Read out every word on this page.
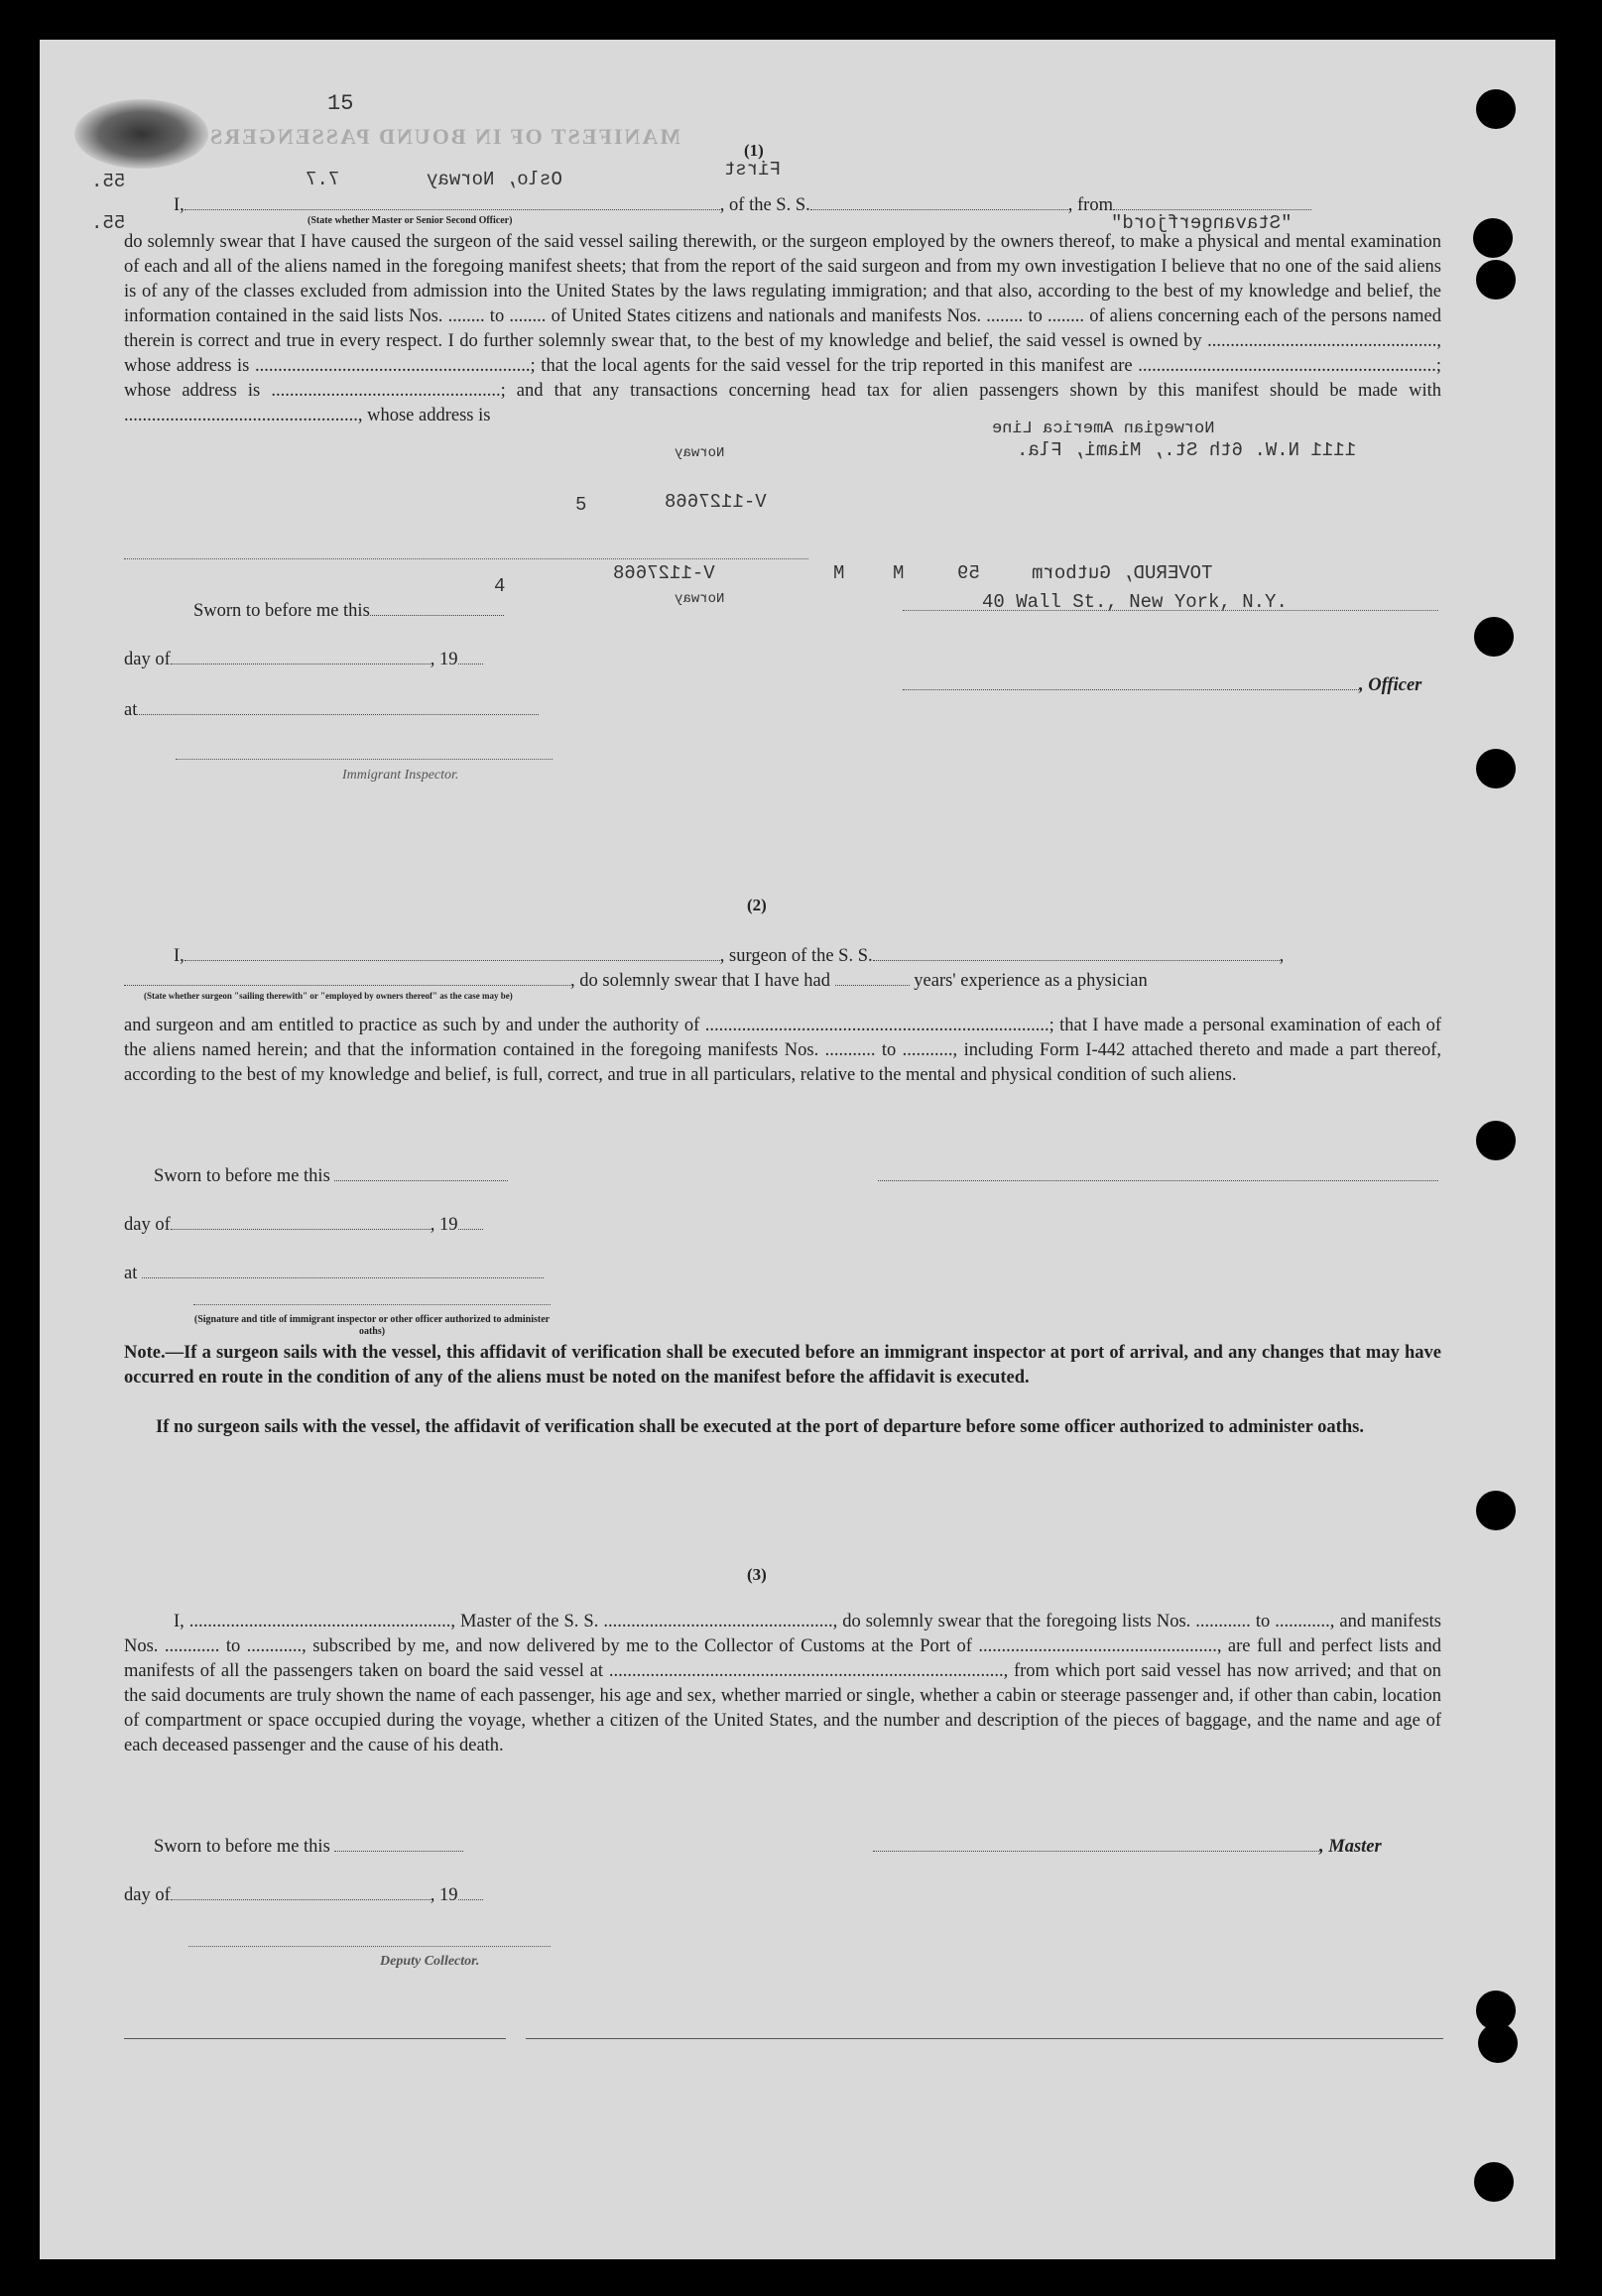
15
MANIFEST OF IN BOUND PASSENGERS
(1)
First
55.	Oslo, Norway
7.7
I,	, of the S. S.	, from
55.	(State whether Master or Senior Second Officer)	"Stavangerfjord"
do solemnly swear that I have caused the surgeon of the said vessel sailing therewith, or the surgeon employed by the owners thereof, to make a physical and mental examination of each and all of the aliens named in the foregoing manifest sheets; that from the report of the said surgeon and from my own investigation I believe that no one of the said aliens is of any of the classes excluded from admission into the United States by the laws regulating immigration; and that also, according to the best of my knowledge and belief, the information contained in the said lists Nos. ........ to ........ of United States citizens and nationals and manifests Nos. ........ to ........ of aliens concerning each of the persons named therein is correct and true in every respect. I do further solemnly swear that, to the best of my knowledge and belief, the said vessel is owned by .................................................., whose address is ............................................................; that the local agents for the said vessel for the trip reported in this manifest are .................................................................; whose address is ..................................................; and that any transactions concerning head tax for alien passengers shown by this manifest should be made with ..................................................., whose address is
Norway	1111 N.W. 6th St., Miami, Fla.
Norwegian America Line
V-1127668
5
V-1127668	M	M	59	TOVERUD, Gutborm
4
Norway	40 Wall St., New York, N.Y.
Sworn to before me this
day of	, 19
at
, Officer
Immigrant Inspector.
(2)
I,	, surgeon of the S. S.	,
, do solemnly swear that I have had	years' experience as a physician
(State whether surgeon "sailing therewith" or "employed by owners thereof" as the case may be)
and surgeon and am entitled to practice as such by and under the authority of ...........................................................................; that I have made a personal examination of each of the aliens named herein; and that the information contained in the foregoing manifests Nos. ........... to ..........., including Form I-442 attached thereto and made a part thereof, according to the best of my knowledge and belief, is full, correct, and true in all particulars, relative to the mental and physical condition of such aliens.
Sworn to before me this
day of	, 19
at
(Signature and title of immigrant inspector or other officer authorized to administer oaths)
Note.—If a surgeon sails with the vessel, this affidavit of verification shall be executed before an immigrant inspector at port of arrival, and any changes that may have occurred en route in the condition of any of the aliens must be noted on the manifest before the affidavit is executed.
If no surgeon sails with the vessel, the affidavit of verification shall be executed at the port of departure before some officer authorized to administer oaths.
(3)
I, ........................................................., Master of the S. S. .................................................., do solemnly swear that the foregoing lists Nos. ............ to ............, and manifests Nos. ............ to ............, subscribed by me, and now delivered by me to the Collector of Customs at the Port of ...................................................., are full and perfect lists and manifests of all the passengers taken on board the said vessel at ......................................................................................, from which port said vessel has now arrived; and that on the said documents are truly shown the name of each passenger, his age and sex, whether married or single, whether a cabin or steerage passenger and, if other than cabin, location of compartment or space occupied during the voyage, whether a citizen of the United States, and the number and description of the pieces of baggage, and the name and age of each deceased passenger and the cause of his death.
Sworn to before me this	, Master
day of	, 19
Deputy Collector.
